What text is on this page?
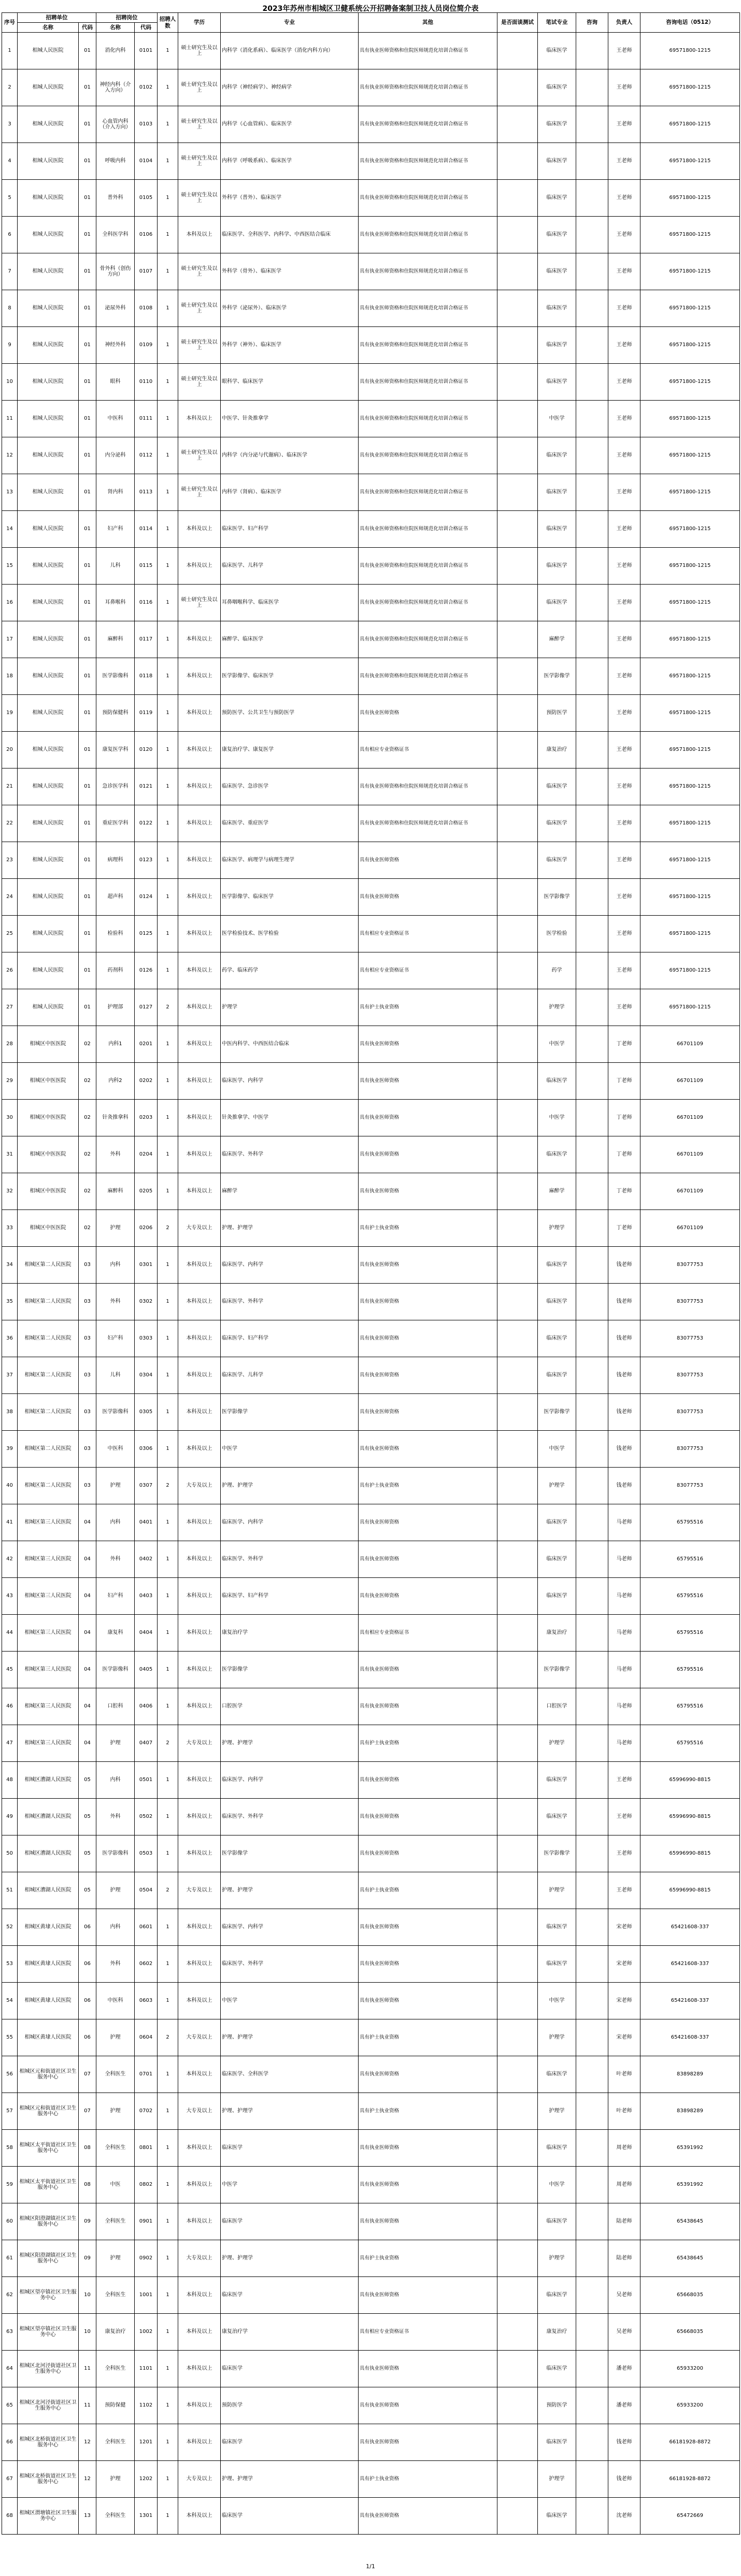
2023年苏州市相城区卫健系统公开招聘备案制卫技人员岗位简介表
序号	招聘单位		招聘岗位		招聘人数	学历	专业	其他	是否面谈测试	笔试专业	咨询	负责人	咨询电话（0512）
	名称	代码	名称	代码									
1	相城人民医院	01	消化内科	0101	1	硕士研究生及以上	内科学（消化系病）、临床医学（消化内科方向）	具有执业医师资格和住院医师规范化培训合格证书		临床医学		王老师	69571800-1215
2	相城人民医院	01	神经内科（介入方向）	0102	1	硕士研究生及以上	内科学（神经病学）、神经病学	具有执业医师资格和住院医师规范化培训合格证书		临床医学		王老师	69571800-1215
3	相城人民医院	01	心血管内科（介入方向）	0103	1	硕士研究生及以上	内科学（心血管病）、临床医学	具有执业医师资格和住院医师规范化培训合格证书		临床医学		王老师	69571800-1215
4	相城人民医院	01	呼吸内科	0104	1	硕士研究生及以上	内科学（呼吸系病）、临床医学	具有执业医师资格和住院医师规范化培训合格证书		临床医学		王老师	69571800-1215
5	相城人民医院	01	普外科	0105	1	硕士研究生及以上	外科学（普外）、临床医学	具有执业医师资格和住院医师规范化培训合格证书		临床医学		王老师	69571800-1215
6	相城人民医院	01	全科医学科	0106	1	本科及以上	临床医学、全科医学、内科学、中西医结合临床	具有执业医师资格和住院医师规范化培训合格证书		临床医学		王老师	69571800-1215
7	相城人民医院	01	骨外科（创伤方向）	0107	1	硕士研究生及以上	外科学（骨外）、临床医学	具有执业医师资格和住院医师规范化培训合格证书		临床医学		王老师	69571800-1215
8	相城人民医院	01	泌尿外科	0108	1	硕士研究生及以上	外科学（泌尿外）、临床医学	具有执业医师资格和住院医师规范化培训合格证书		临床医学		王老师	69571800-1215
9	相城人民医院	01	神经外科	0109	1	硕士研究生及以上	外科学（神外）、临床医学	具有执业医师资格和住院医师规范化培训合格证书		临床医学		王老师	69571800-1215
10	相城人民医院	01	眼科	0110	1	硕士研究生及以上	眼科学、临床医学	具有执业医师资格和住院医师规范化培训合格证书		临床医学		王老师	69571800-1215
11	相城人民医院	01	中医科	0111	1	本科及以上	中医学、针灸推拿学	具有执业医师资格和住院医师规范化培训合格证书		中医学		王老师	69571800-1215
12	相城人民医院	01	内分泌科	0112	1	硕士研究生及以上	内科学（内分泌与代谢病）、临床医学	具有执业医师资格和住院医师规范化培训合格证书		临床医学		王老师	69571800-1215
13	相城人民医院	01	肾内科	0113	1	硕士研究生及以上	内科学（肾病）、临床医学	具有执业医师资格和住院医师规范化培训合格证书		临床医学		王老师	69571800-1215
14	相城人民医院	01	妇产科	0114	1	本科及以上	临床医学、妇产科学	具有执业医师资格和住院医师规范化培训合格证书		临床医学		王老师	69571800-1215
15	相城人民医院	01	儿科	0115	1	本科及以上	临床医学、儿科学	具有执业医师资格和住院医师规范化培训合格证书		临床医学		王老师	69571800-1215
16	相城人民医院	01	耳鼻喉科	0116	1	硕士研究生及以上	耳鼻咽喉科学、临床医学	具有执业医师资格和住院医师规范化培训合格证书		临床医学		王老师	69571800-1215
17	相城人民医院	01	麻醉科	0117	1	本科及以上	麻醉学、临床医学	具有执业医师资格和住院医师规范化培训合格证书		麻醉学		王老师	69571800-1215
18	相城人民医院	01	医学影像科	0118	1	本科及以上	医学影像学、临床医学	具有执业医师资格和住院医师规范化培训合格证书		医学影像学		王老师	69571800-1215
19	相城人民医院	01	预防保健科	0119	1	本科及以上	预防医学、公共卫生与预防医学	具有执业医师资格		预防医学		王老师	69571800-1215
20	相城人民医院	01	康复医学科	0120	1	本科及以上	康复治疗学、康复医学	具有相应专业资格证书		康复治疗		王老师	69571800-1215
21	相城人民医院	01	急诊医学科	0121	1	本科及以上	临床医学、急诊医学	具有执业医师资格和住院医师规范化培训合格证书		临床医学		王老师	69571800-1215
22	相城人民医院	01	重症医学科	0122	1	本科及以上	临床医学、重症医学	具有执业医师资格和住院医师规范化培训合格证书		临床医学		王老师	69571800-1215
23	相城人民医院	01	病理科	0123	1	本科及以上	临床医学、病理学与病理生理学	具有执业医师资格		临床医学		王老师	69571800-1215
24	相城人民医院	01	超声科	0124	1	本科及以上	医学影像学、临床医学	具有执业医师资格		医学影像学		王老师	69571800-1215
25	相城人民医院	01	检验科	0125	1	本科及以上	医学检验技术、医学检验	具有相应专业资格证书		医学检验		王老师	69571800-1215
26	相城人民医院	01	药剂科	0126	1	本科及以上	药学、临床药学	具有相应专业资格证书		药学		王老师	69571800-1215
27	相城人民医院	01	护理部	0127	2	本科及以上	护理学	具有护士执业资格		护理学		王老师	69571800-1215
28	相城区中医医院	02	内科1	0201	1	本科及以上	中医内科学、中西医结合临床	具有执业医师资格		中医学		丁老师	66701109
29	相城区中医医院	02	内科2	0202	1	本科及以上	临床医学、内科学	具有执业医师资格		临床医学		丁老师	66701109
30	相城区中医医院	02	针灸推拿科	0203	1	本科及以上	针灸推拿学、中医学	具有执业医师资格		中医学		丁老师	66701109
31	相城区中医医院	02	外科	0204	1	本科及以上	临床医学、外科学	具有执业医师资格		临床医学		丁老师	66701109
32	相城区中医医院	02	麻醉科	0205	1	本科及以上	麻醉学	具有执业医师资格		麻醉学		丁老师	66701109
33	相城区中医医院	02	护理	0206	2	大专及以上	护理、护理学	具有护士执业资格		护理学		丁老师	66701109
34	相城区第二人民医院	03	内科	0301	1	本科及以上	临床医学、内科学	具有执业医师资格		临床医学		钱老师	83077753
35	相城区第二人民医院	03	外科	0302	1	本科及以上	临床医学、外科学	具有执业医师资格		临床医学		钱老师	83077753
36	相城区第二人民医院	03	妇产科	0303	1	本科及以上	临床医学、妇产科学	具有执业医师资格		临床医学		钱老师	83077753
37	相城区第二人民医院	03	儿科	0304	1	本科及以上	临床医学、儿科学	具有执业医师资格		临床医学		钱老师	83077753
38	相城区第二人民医院	03	医学影像科	0305	1	本科及以上	医学影像学	具有执业医师资格		医学影像学		钱老师	83077753
39	相城区第二人民医院	03	中医科	0306	1	本科及以上	中医学	具有执业医师资格		中医学		钱老师	83077753
40	相城区第二人民医院	03	护理	0307	2	大专及以上	护理、护理学	具有护士执业资格		护理学		钱老师	83077753
41	相城区第三人民医院	04	内科	0401	1	本科及以上	临床医学、内科学	具有执业医师资格		临床医学		马老师	65795516
42	相城区第三人民医院	04	外科	0402	1	本科及以上	临床医学、外科学	具有执业医师资格		临床医学		马老师	65795516
43	相城区第三人民医院	04	妇产科	0403	1	本科及以上	临床医学、妇产科学	具有执业医师资格		临床医学		马老师	65795516
44	相城区第三人民医院	04	康复科	0404	1	本科及以上	康复治疗学	具有相应专业资格证书		康复治疗		马老师	65795516
45	相城区第三人民医院	04	医学影像科	0405	1	本科及以上	医学影像学	具有执业医师资格		医学影像学		马老师	65795516
46	相城区第三人民医院	04	口腔科	0406	1	本科及以上	口腔医学	具有执业医师资格		口腔医学		马老师	65795516
47	相城区第三人民医院	04	护理	0407	2	大专及以上	护理、护理学	具有护士执业资格		护理学		马老师	65795516
48	相城区漕湖人民医院	05	内科	0501	1	本科及以上	临床医学、内科学	具有执业医师资格		临床医学		王老师	65996990-8815
49	相城区漕湖人民医院	05	外科	0502	1	本科及以上	临床医学、外科学	具有执业医师资格		临床医学		王老师	65996990-8815
50	相城区漕湖人民医院	05	医学影像科	0503	1	本科及以上	医学影像学	具有执业医师资格		医学影像学		王老师	65996990-8815
51	相城区漕湖人民医院	05	护理	0504	2	大专及以上	护理、护理学	具有护士执业资格		护理学		王老师	65996990-8815
52	相城区黄埭人民医院	06	内科	0601	1	本科及以上	临床医学、内科学	具有执业医师资格		临床医学		宋老师	65421608-337
53	相城区黄埭人民医院	06	外科	0602	1	本科及以上	临床医学、外科学	具有执业医师资格		临床医学		宋老师	65421608-337
54	相城区黄埭人民医院	06	中医科	0603	1	本科及以上	中医学	具有执业医师资格		中医学		宋老师	65421608-337
55	相城区黄埭人民医院	06	护理	0604	2	大专及以上	护理、护理学	具有护士执业资格		护理学		宋老师	65421608-337
56	相城区元和街道社区卫生服务中心	07	全科医生	0701	1	本科及以上	临床医学、全科医学	具有执业医师资格		临床医学		叶老师	83898289
57	相城区元和街道社区卫生服务中心	07	护理	0702	1	大专及以上	护理、护理学	具有护士执业资格		护理学		叶老师	83898289
58	相城区太平街道社区卫生服务中心	08	全科医生	0801	1	本科及以上	临床医学	具有执业医师资格		临床医学		周老师	65391992
59	相城区太平街道社区卫生服务中心	08	中医	0802	1	本科及以上	中医学	具有执业医师资格		中医学		周老师	65391992
60	相城区阳澄湖镇社区卫生服务中心	09	全科医生	0901	1	本科及以上	临床医学	具有执业医师资格		临床医学		陆老师	65438645
61	相城区阳澄湖镇社区卫生服务中心	09	护理	0902	1	大专及以上	护理、护理学	具有护士执业资格		护理学		陆老师	65438645
62	相城区望亭镇社区卫生服务中心	10	全科医生	1001	1	本科及以上	临床医学	具有执业医师资格		临床医学		吴老师	65668035
63	相城区望亭镇社区卫生服务中心	10	康复治疗	1002	1	本科及以上	康复治疗学	具有相应专业资格证书		康复治疗		吴老师	65668035
64	相城区北河泾街道社区卫生服务中心	11	全科医生	1101	1	本科及以上	临床医学	具有执业医师资格		临床医学		潘老师	65933200
65	相城区北河泾街道社区卫生服务中心	11	预防保健	1102	1	本科及以上	预防医学	具有执业医师资格		预防医学		潘老师	65933200
66	相城区北桥街道社区卫生服务中心	12	全科医生	1201	1	本科及以上	临床医学	具有执业医师资格		临床医学		钱老师	66181928-8872
67	相城区北桥街道社区卫生服务中心	12	护理	1202	1	大专及以上	护理、护理学	具有护士执业资格		护理学		钱老师	66181928-8872
68	相城区渭塘镇社区卫生服务中心	13	全科医生	1301	1	本科及以上	临床医学	具有执业医师资格		临床医学		沈老师	65472669
1/1
